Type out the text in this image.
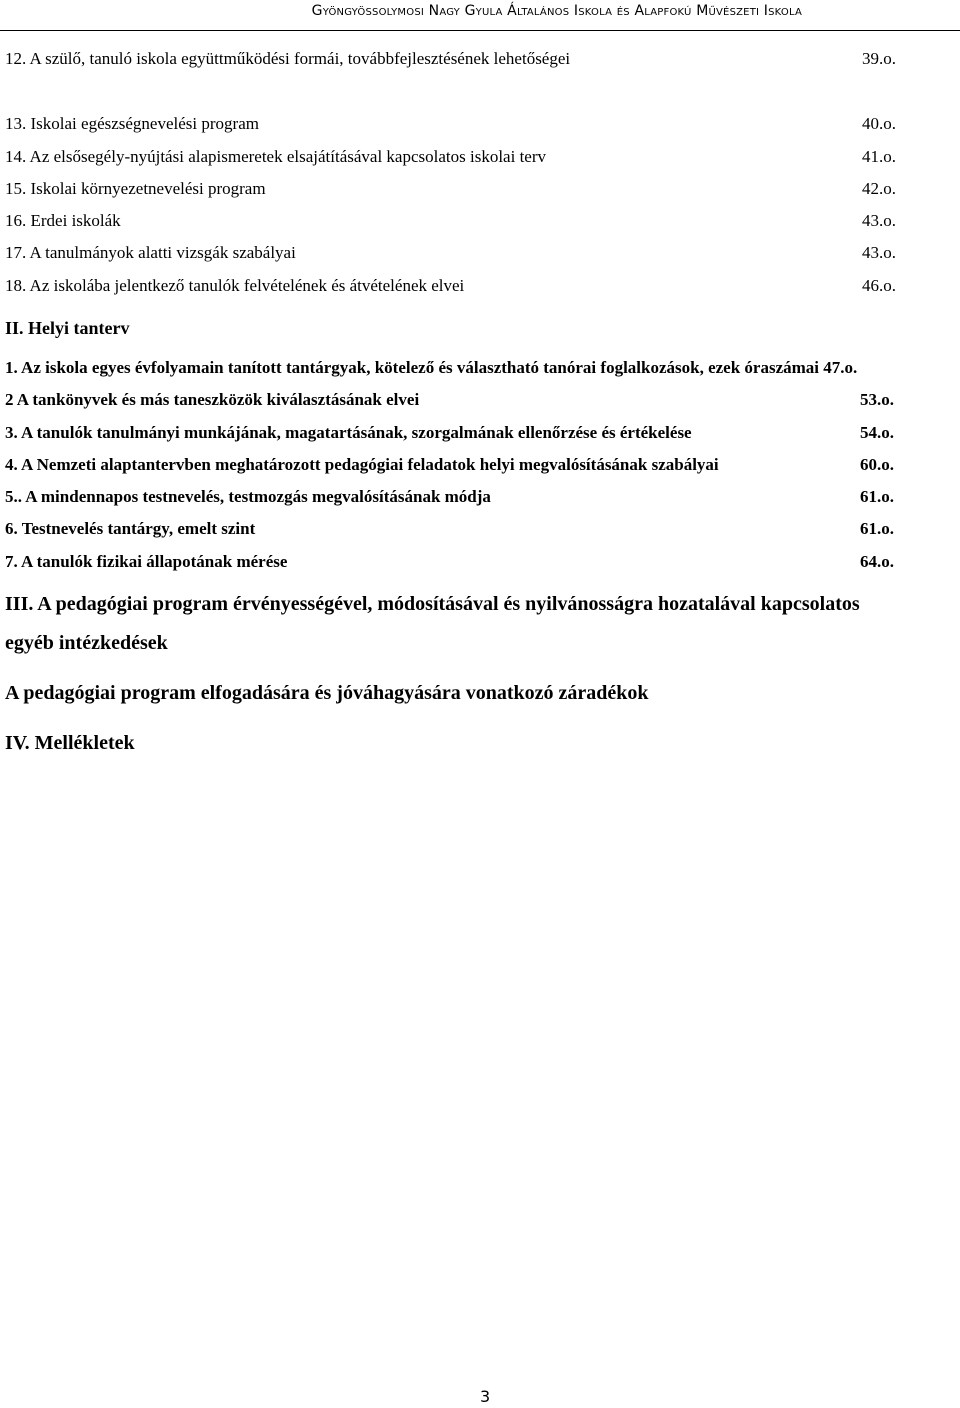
Gyöngyössolymosi Nagy Gyula Általános Iskola és Alapfokú Művészeti Iskola
12. A szülő, tanuló iskola együttműködési formái, továbbfejlesztésének lehetőségei	39.o.
13. Iskolai egészségnevelési program	40.o.
14. Az elsősegély-nyújtási alapismeretek elsajátításával kapcsolatos iskolai terv	41.o.
15. Iskolai környezetnevelési program	42.o.
16. Erdei iskolák	43.o.
17. A tanulmányok alatti vizsgák szabályai	43.o.
18. Az iskolába jelentkező tanulók felvételének és átvételének elvei	46.o.
II. Helyi tanterv
1. Az iskola egyes évfolyamain tanított tantárgyak, kötelező és választható tanórai foglalkozások, ezek óraszámai 47.o.
2 A tankönyvek és más taneszközök kiválasztásának elvei	53.o.
3. A tanulók tanulmányi munkájának, magatartásának, szorgalmának ellenőrzése és értékelése	54.o.
4. A Nemzeti alaptantervben meghatározott pedagógiai feladatok helyi megvalósításának szabályai	60.o.
5.. A mindennapos testnevelés, testmozgás megvalósításának módja	61.o.
6. Testnevelés tantárgy, emelt szint	61.o.
7. A tanulók fizikai állapotának mérése	64.o.
III. A pedagógiai program érvényességével, módosításával és nyilvánosságra hozatalával kapcsolatos
egyéb intézkedések
A pedagógiai program elfogadására és jóváhagyására vonatkozó záradékok
IV. Mellékletek
3
